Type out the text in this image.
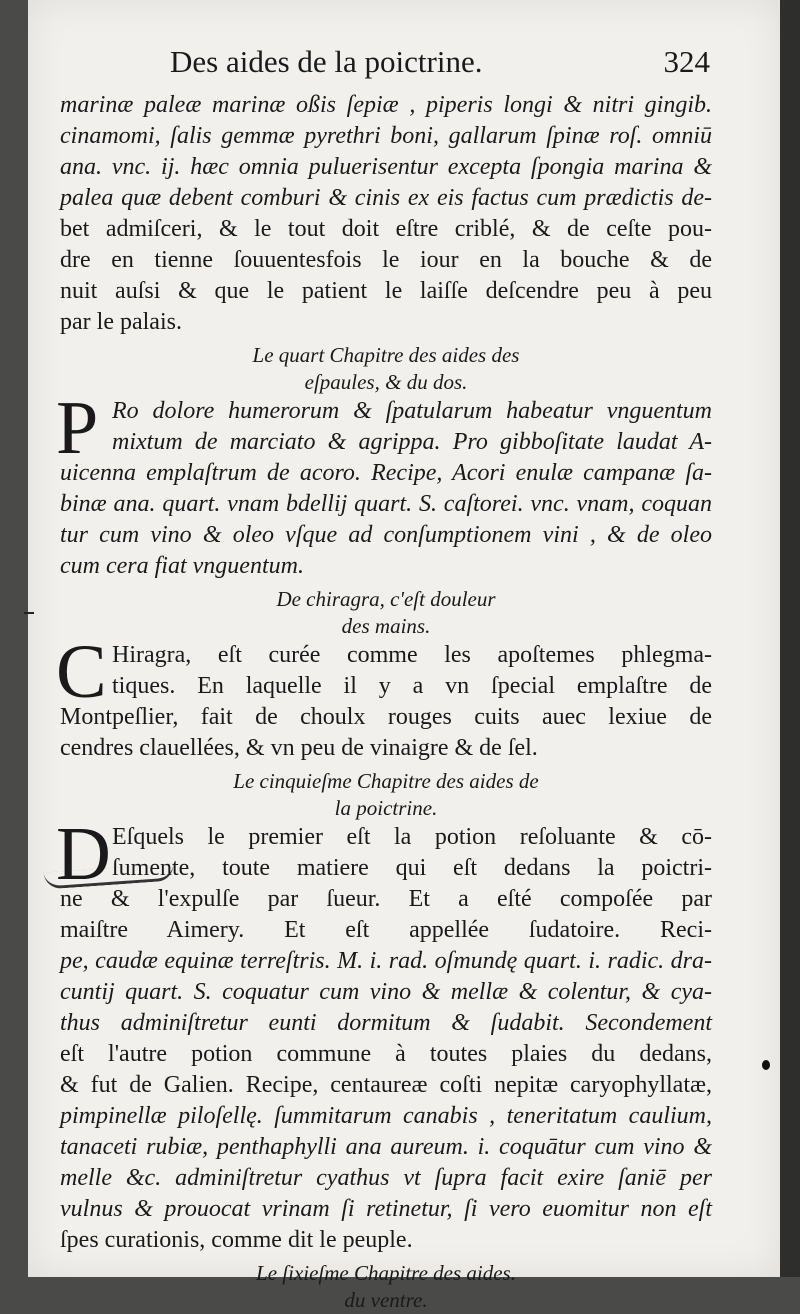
Des aides de la poictrine.	324
marinæ paleæ marinæ oßis ſepiæ , piperis longi & nitri gingib.
cinamomi, ſalis gemmæ pyrethri boni, gallarum ſpinæ roſ. omniū
ana. vnc. ij. hæc omnia puluerisentur excepta ſpongia marina &
palea quæ debent comburi & cinis ex eis factus cum prædictis de-
bet admiſceri, & le tout doit eſtre criblé, & de ceſte pou-
dre en tienne ſouuentesfois le iour en la bouche & de
nuit auſsi & que le patient le laiſſe deſcendre peu à peu
par le palais.
Le quart Chapitre des aides des
eſpaules, & du dos.
P Ro dolore humerorum & ſpatularum habeatur vnguentum
mixtum de marciato & agrippa. Pro gibboſitate laudat A-
uicenna emplaſtrum de acoro. Recipe, Acori enulæ campanæ ſa-
binæ ana. quart. vnam bdellij quart. S. caſtorei. vnc. vnam, coquan
tur cum vino & oleo vſque ad conſumptionem vini , & de oleo
cum cera fiat vnguentum.
De chiragra, c'eſt douleur
des mains.
C Hiragra, eſt curée comme les apoſtemes phlegma-
tiques. En laquelle il y a vn ſpecial emplaſtre de
Montpeſlier, fait de choulx rouges cuits auec lexiue de
cendres clauellées, & vn peu de vinaigre & de ſel.
Le cinquieſme Chapitre des aides de
la poictrine.
D Eſquels le premier eſt la potion reſoluante & cō-
ſumente, toute matiere qui eſt dedans la poictri-
ne & l'expulſe par ſueur. Et a eſté compoſée par
maiſtre Aimery. Et eſt appellée ſudatoire. Reci-
pe, caudæ equinæ terreſtris. M. i. rad. oſmundę quart. i. radic. dra-
cuntij quart. S. coquatur cum vino & mellæ & colentur, & cya-
thus adminiſtretur eunti dormitum & ſudabit. Secondement
eſt l'autre potion commune à toutes plaies du dedans,
& fut de Galien. Recipe, centaureæ coſti nepitæ caryophyllatæ,
pimpinellæ piloſellę. ſummitarum canabis , teneritatum caulium,
tanaceti rubiæ, penthaphylli ana aureum. i. coquātur cum vino &
melle &c. adminiſtretur cyathus vt ſupra facit exire ſaniē per
vulnus & prouocat vrinam ſi retinetur, ſi vero euomitur non eſt
ſpes curationis, comme dit le peuple.
Le ſixieſme Chapitre des aides.
du ventre.
